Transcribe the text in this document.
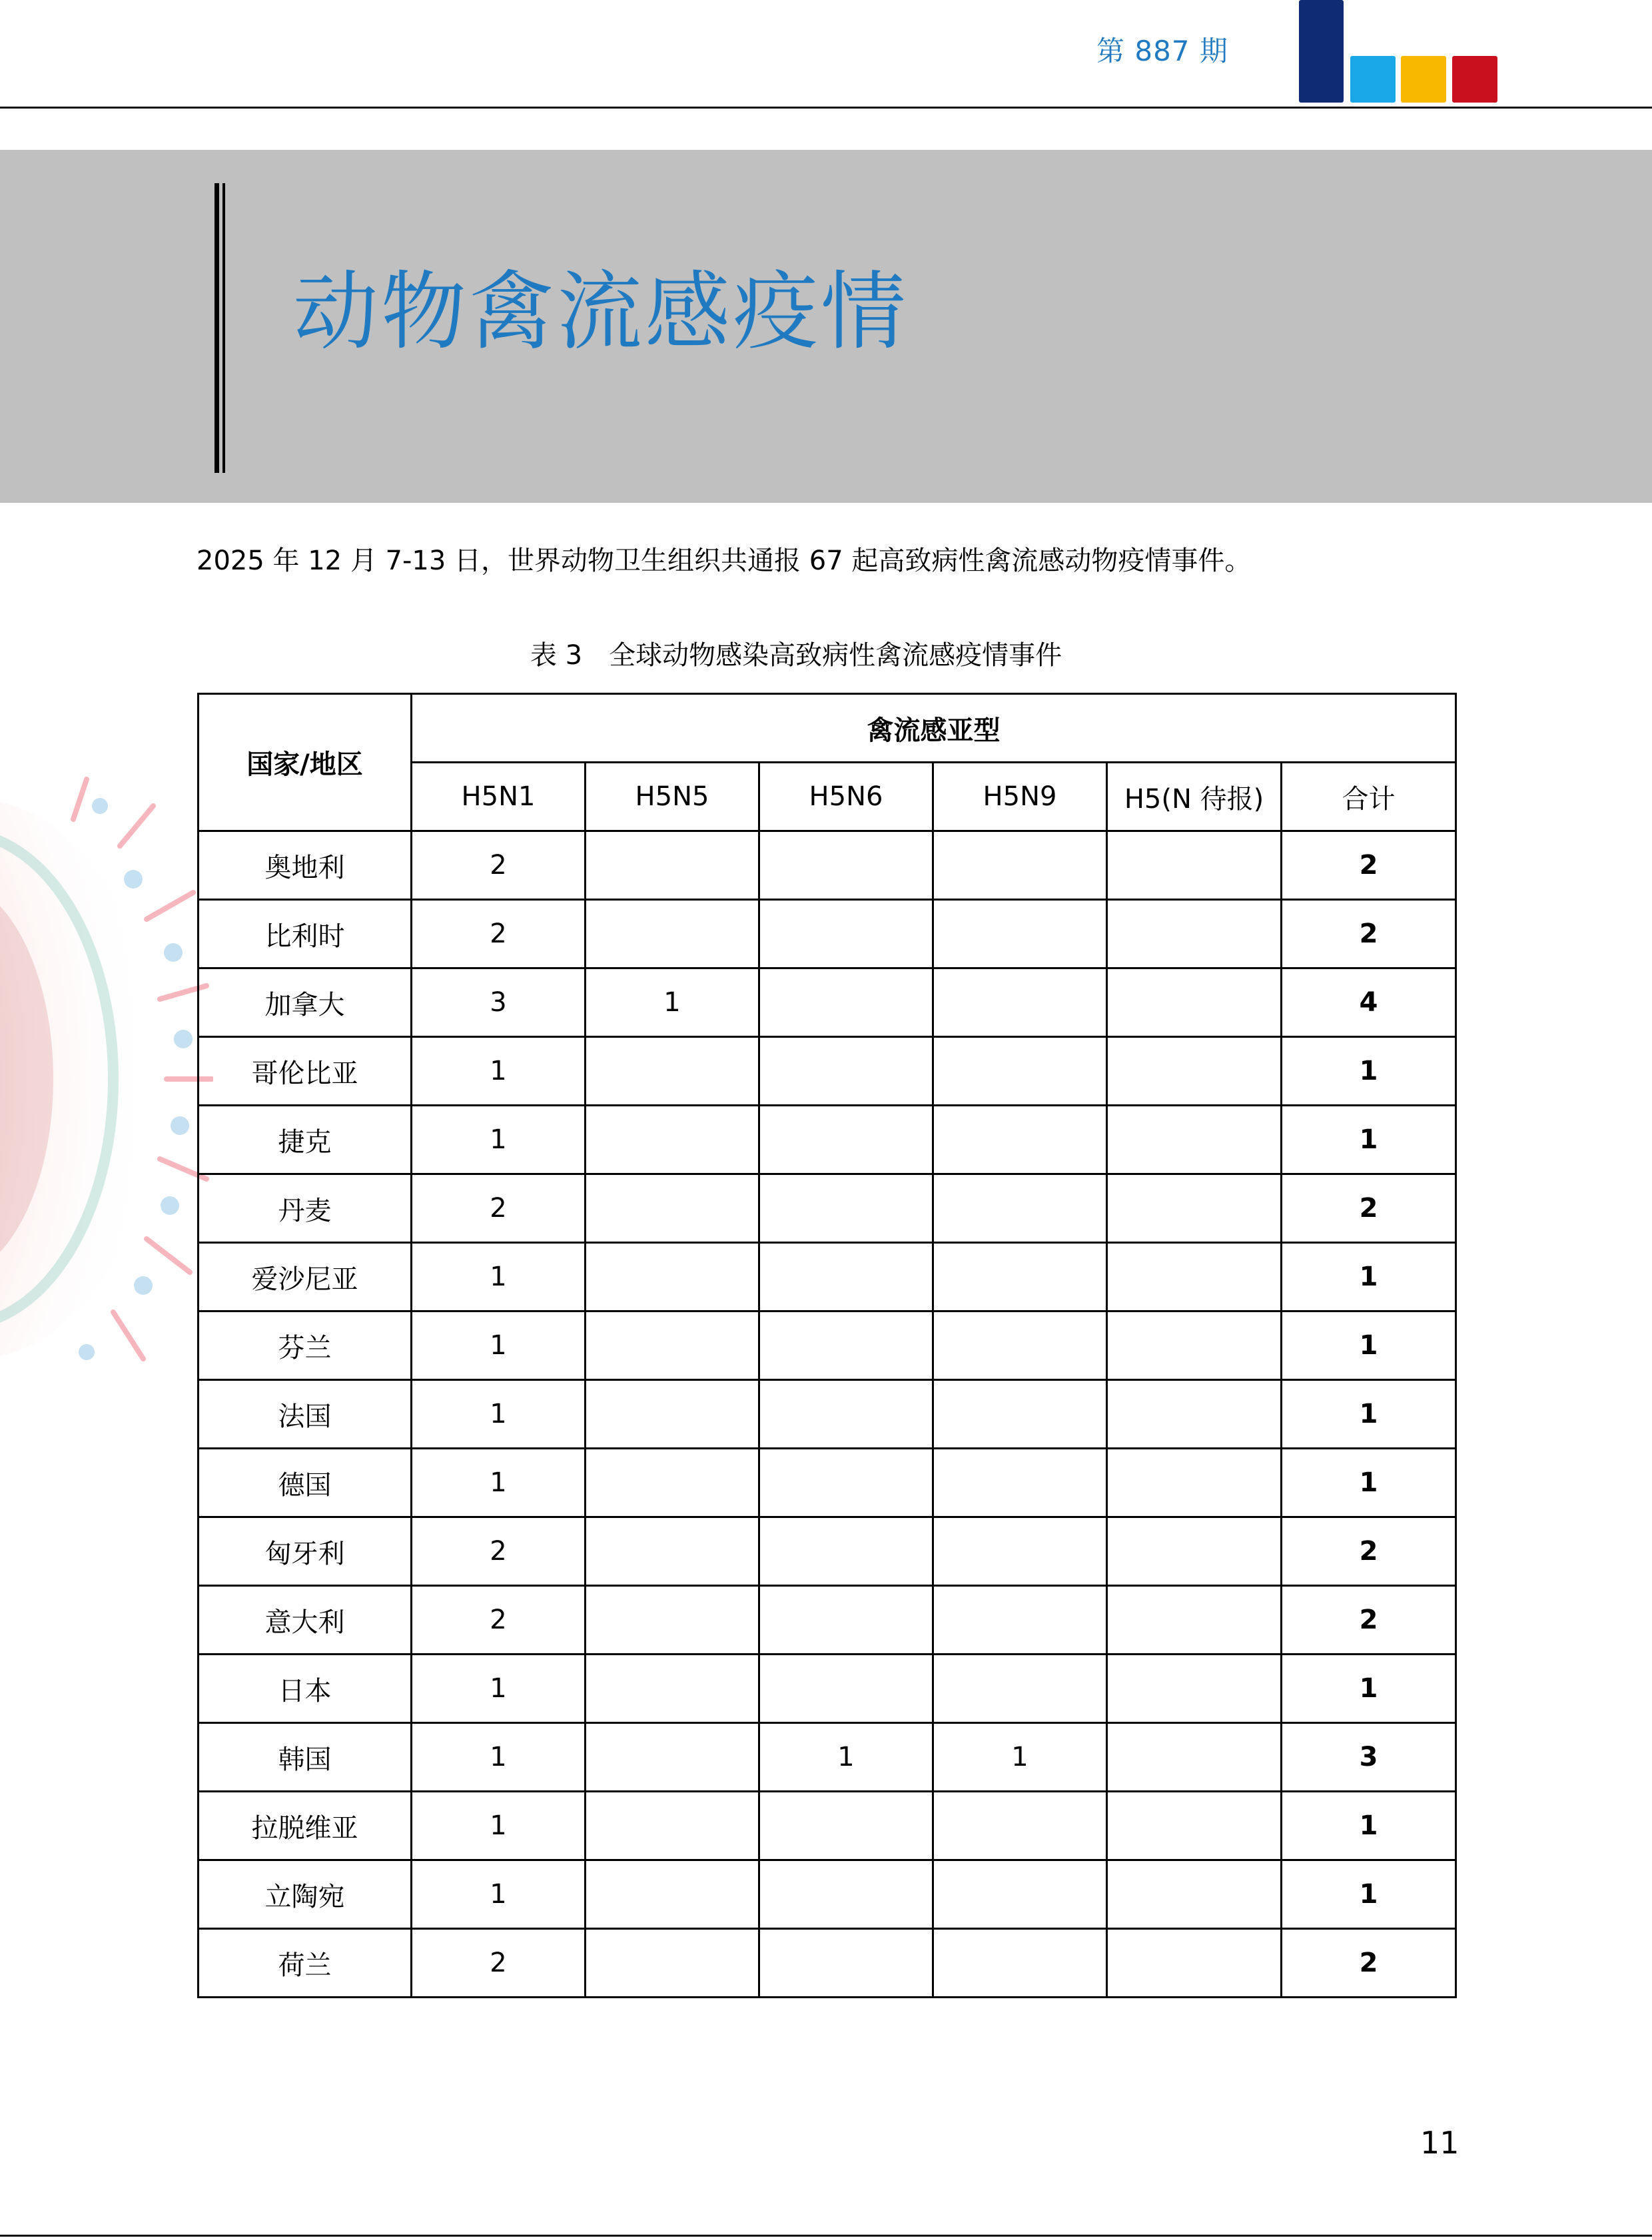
第 887 期
动物禽流感疫情
2025 年 12 月 7-13 日，世界动物卫生组织共通报 67 起高致病性禽流感动物疫情事件。
表 3　全球动物感染高致病性禽流感疫情事件
国家/地区	禽流感亚型					
	H5N1	H5N5	H5N6	H5N9	H5(N 待报)	合计
奥地利	2					2
比利时	2					2
加拿大	3	1				4
哥伦比亚	1					1
捷克	1					1
丹麦	2					2
爱沙尼亚	1					1
芬兰	1					1
法国	1					1
德国	1					1
匈牙利	2					2
意大利	2					2
日本	1					1
韩国	1		1	1		3
拉脱维亚	1					1
立陶宛	1					1
荷兰	2					2
11
